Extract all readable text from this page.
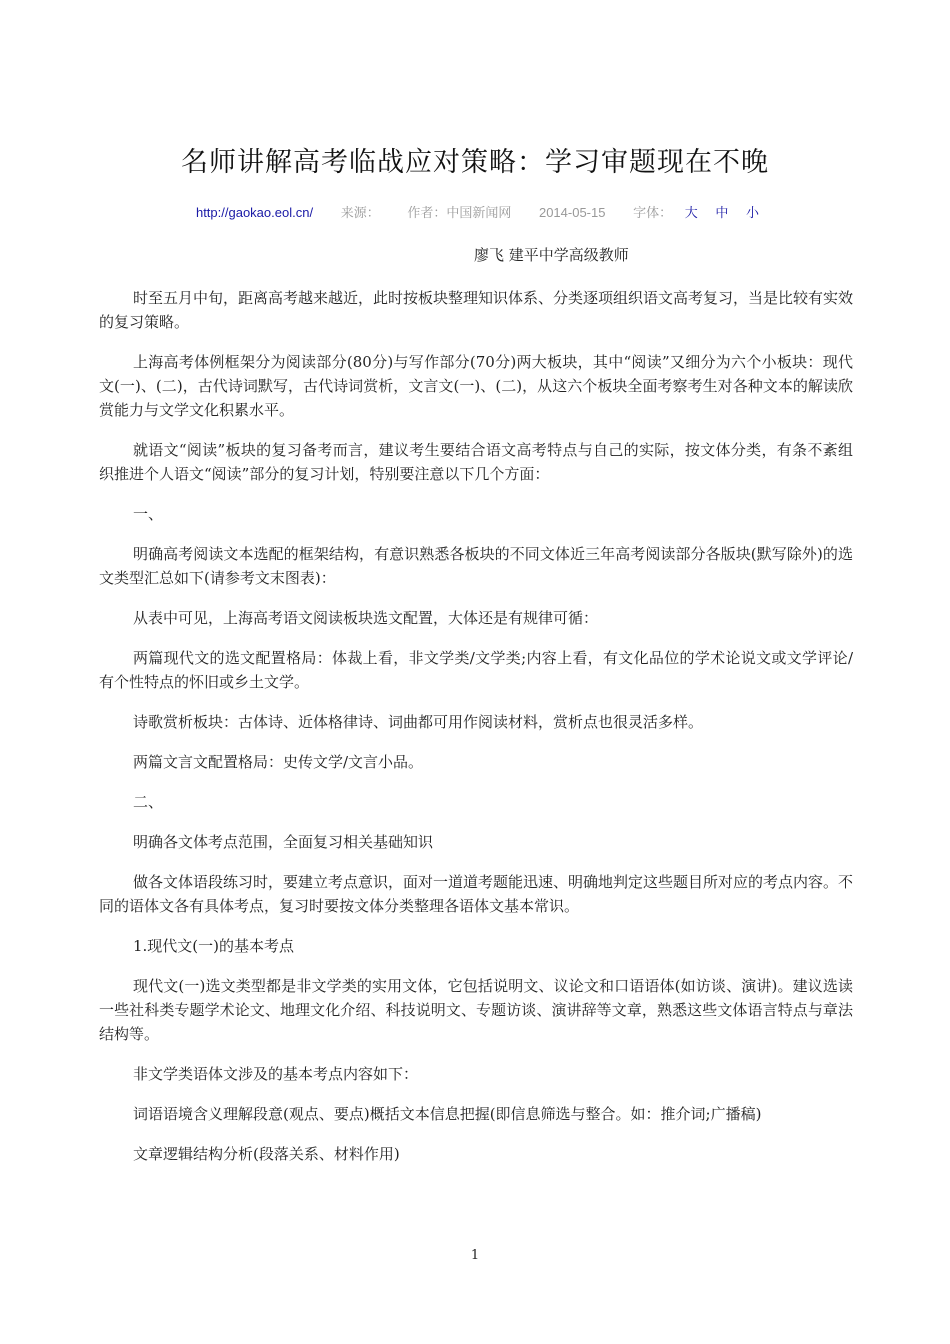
名师讲解高考临战应对策略：学习审题现在不晚
http://gaokao.eol.cn/ 来源： 作者：中国新闻网 2014-05-15 字体： 大 中 小
廖飞 建平中学高级教师

时至五月中旬，距离高考越来越近，此时按板块整理知识体系、分类逐项组织语文高考复习，当是比较有实效的复习策略。

上海高考体例框架分为阅读部分(80分)与写作部分(70分)两大板块，其中“阅读”又细分为六个小板块：现代文(一)、(二)，古代诗词默写，古代诗词赏析，文言文(一)、(二)，从这六个板块全面考察考生对各种文本的解读欣赏能力与文学文化积累水平。

就语文“阅读”板块的复习备考而言，建议考生要结合语文高考特点与自己的实际，按文体分类，有条不紊组织推进个人语文“阅读”部分的复习计划，特别要注意以下几个方面：

一、

明确高考阅读文本选配的框架结构，有意识熟悉各板块的不同文体近三年高考阅读部分各版块(默写除外)的选文类型汇总如下(请参考文末图表)：

从表中可见，上海高考语文阅读板块选文配置，大体还是有规律可循：

两篇现代文的选文配置格局：体裁上看，非文学类/文学类;内容上看，有文化品位的学术论说文或文学评论/有个性特点的怀旧或乡土文学。

诗歌赏析板块：古体诗、近体格律诗、词曲都可用作阅读材料，赏析点也很灵活多样。

两篇文言文配置格局：史传文学/文言小品。

二、

明确各文体考点范围，全面复习相关基础知识

做各文体语段练习时，要建立考点意识，面对一道道考题能迅速、明确地判定这些题目所对应的考点内容。不同的语体文各有具体考点，复习时要按文体分类整理各语体文基本常识。

1.现代文(一)的基本考点

现代文(一)选文类型都是非文学类的实用文体，它包括说明文、议论文和口语语体(如访谈、演讲)。建议选读一些社科类专题学术论文、地理文化介绍、科技说明文、专题访谈、演讲辞等文章，熟悉这些文体语言特点与章法结构等。

非文学类语体文涉及的基本考点内容如下：

词语语境含义理解段意(观点、要点)概括文本信息把握(即信息筛选与整合。如：推介词;广播稿)

文章逻辑结构分析(段落关系、材料作用)

1
